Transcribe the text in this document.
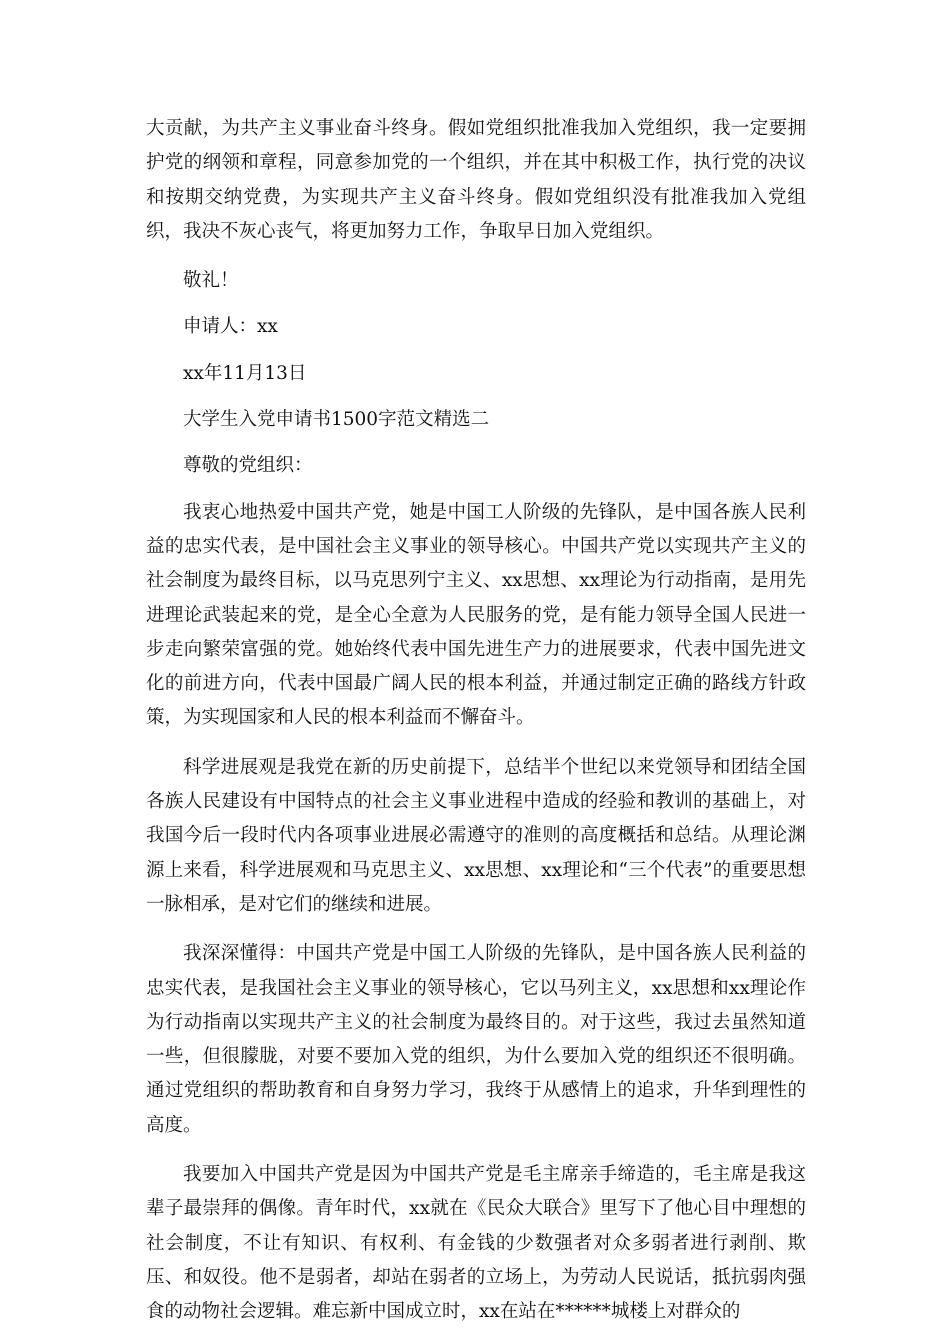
大贡献，为共产主义事业奋斗终身。假如党组织批准我加入党组织，我一定要拥护党的纲领和章程，同意参加党的一个组织，并在其中积极工作，执行党的决议和按期交纳党费，为实现共产主义奋斗终身。假如党组织没有批准我加入党组织，我决不灰心丧气，将更加努力工作，争取早日加入党组织。

敬礼！

申请人：xx

xx年11月13日

大学生入党申请书1500字范文精选二

尊敬的党组织：

我衷心地热爱中国共产党，她是中国工人阶级的先锋队，是中国各族人民利益的忠实代表，是中国社会主义事业的领导核心。中国共产党以实现共产主义的社会制度为最终目标，以马克思列宁主义、xx思想、xx理论为行动指南，是用先进理论武装起来的党，是全心全意为人民服务的党，是有能力领导全国人民进一步走向繁荣富强的党。她始终代表中国先进生产力的进展要求，代表中国先进文化的前进方向，代表中国最广阔人民的根本利益，并通过制定正确的路线方针政策，为实现国家和人民的根本利益而不懈奋斗。

科学进展观是我党在新的历史前提下，总结半个世纪以来党领导和团结全国各族人民建设有中国特点的社会主义事业进程中造成的经验和教训的基础上，对我国今后一段时代内各项事业进展必需遵守的准则的高度概括和总结。从理论渊源上来看，科学进展观和马克思主义、xx思想、xx理论和“三个代表”的重要思想一脉相承，是对它们的继续和进展。

我深深懂得：中国共产党是中国工人阶级的先锋队，是中国各族人民利益的忠实代表，是我国社会主义事业的领导核心，它以马列主义，xx思想和xx理论作为行动指南以实现共产主义的社会制度为最终目的。对于这些，我过去虽然知道一些，但很朦胧，对要不要加入党的组织，为什么要加入党的组织还不很明确。通过党组织的帮助教育和自身努力学习，我终于从感情上的追求，升华到理性的高度。

我要加入中国共产党是因为中国共产党是毛主席亲手缔造的，毛主席是我这辈子最崇拜的偶像。青年时代，xx就在《民众大联合》里写下了他心目中理想的社会制度，不让有知识、有权利、有金钱的少数强者对众多弱者进行剥削、欺压、和奴役。他不是弱者，却站在弱者的立场上，为劳动人民说话，抵抗弱肉强食的动物社会逻辑。难忘新中国成立时，xx在站在******城楼上对群众的
